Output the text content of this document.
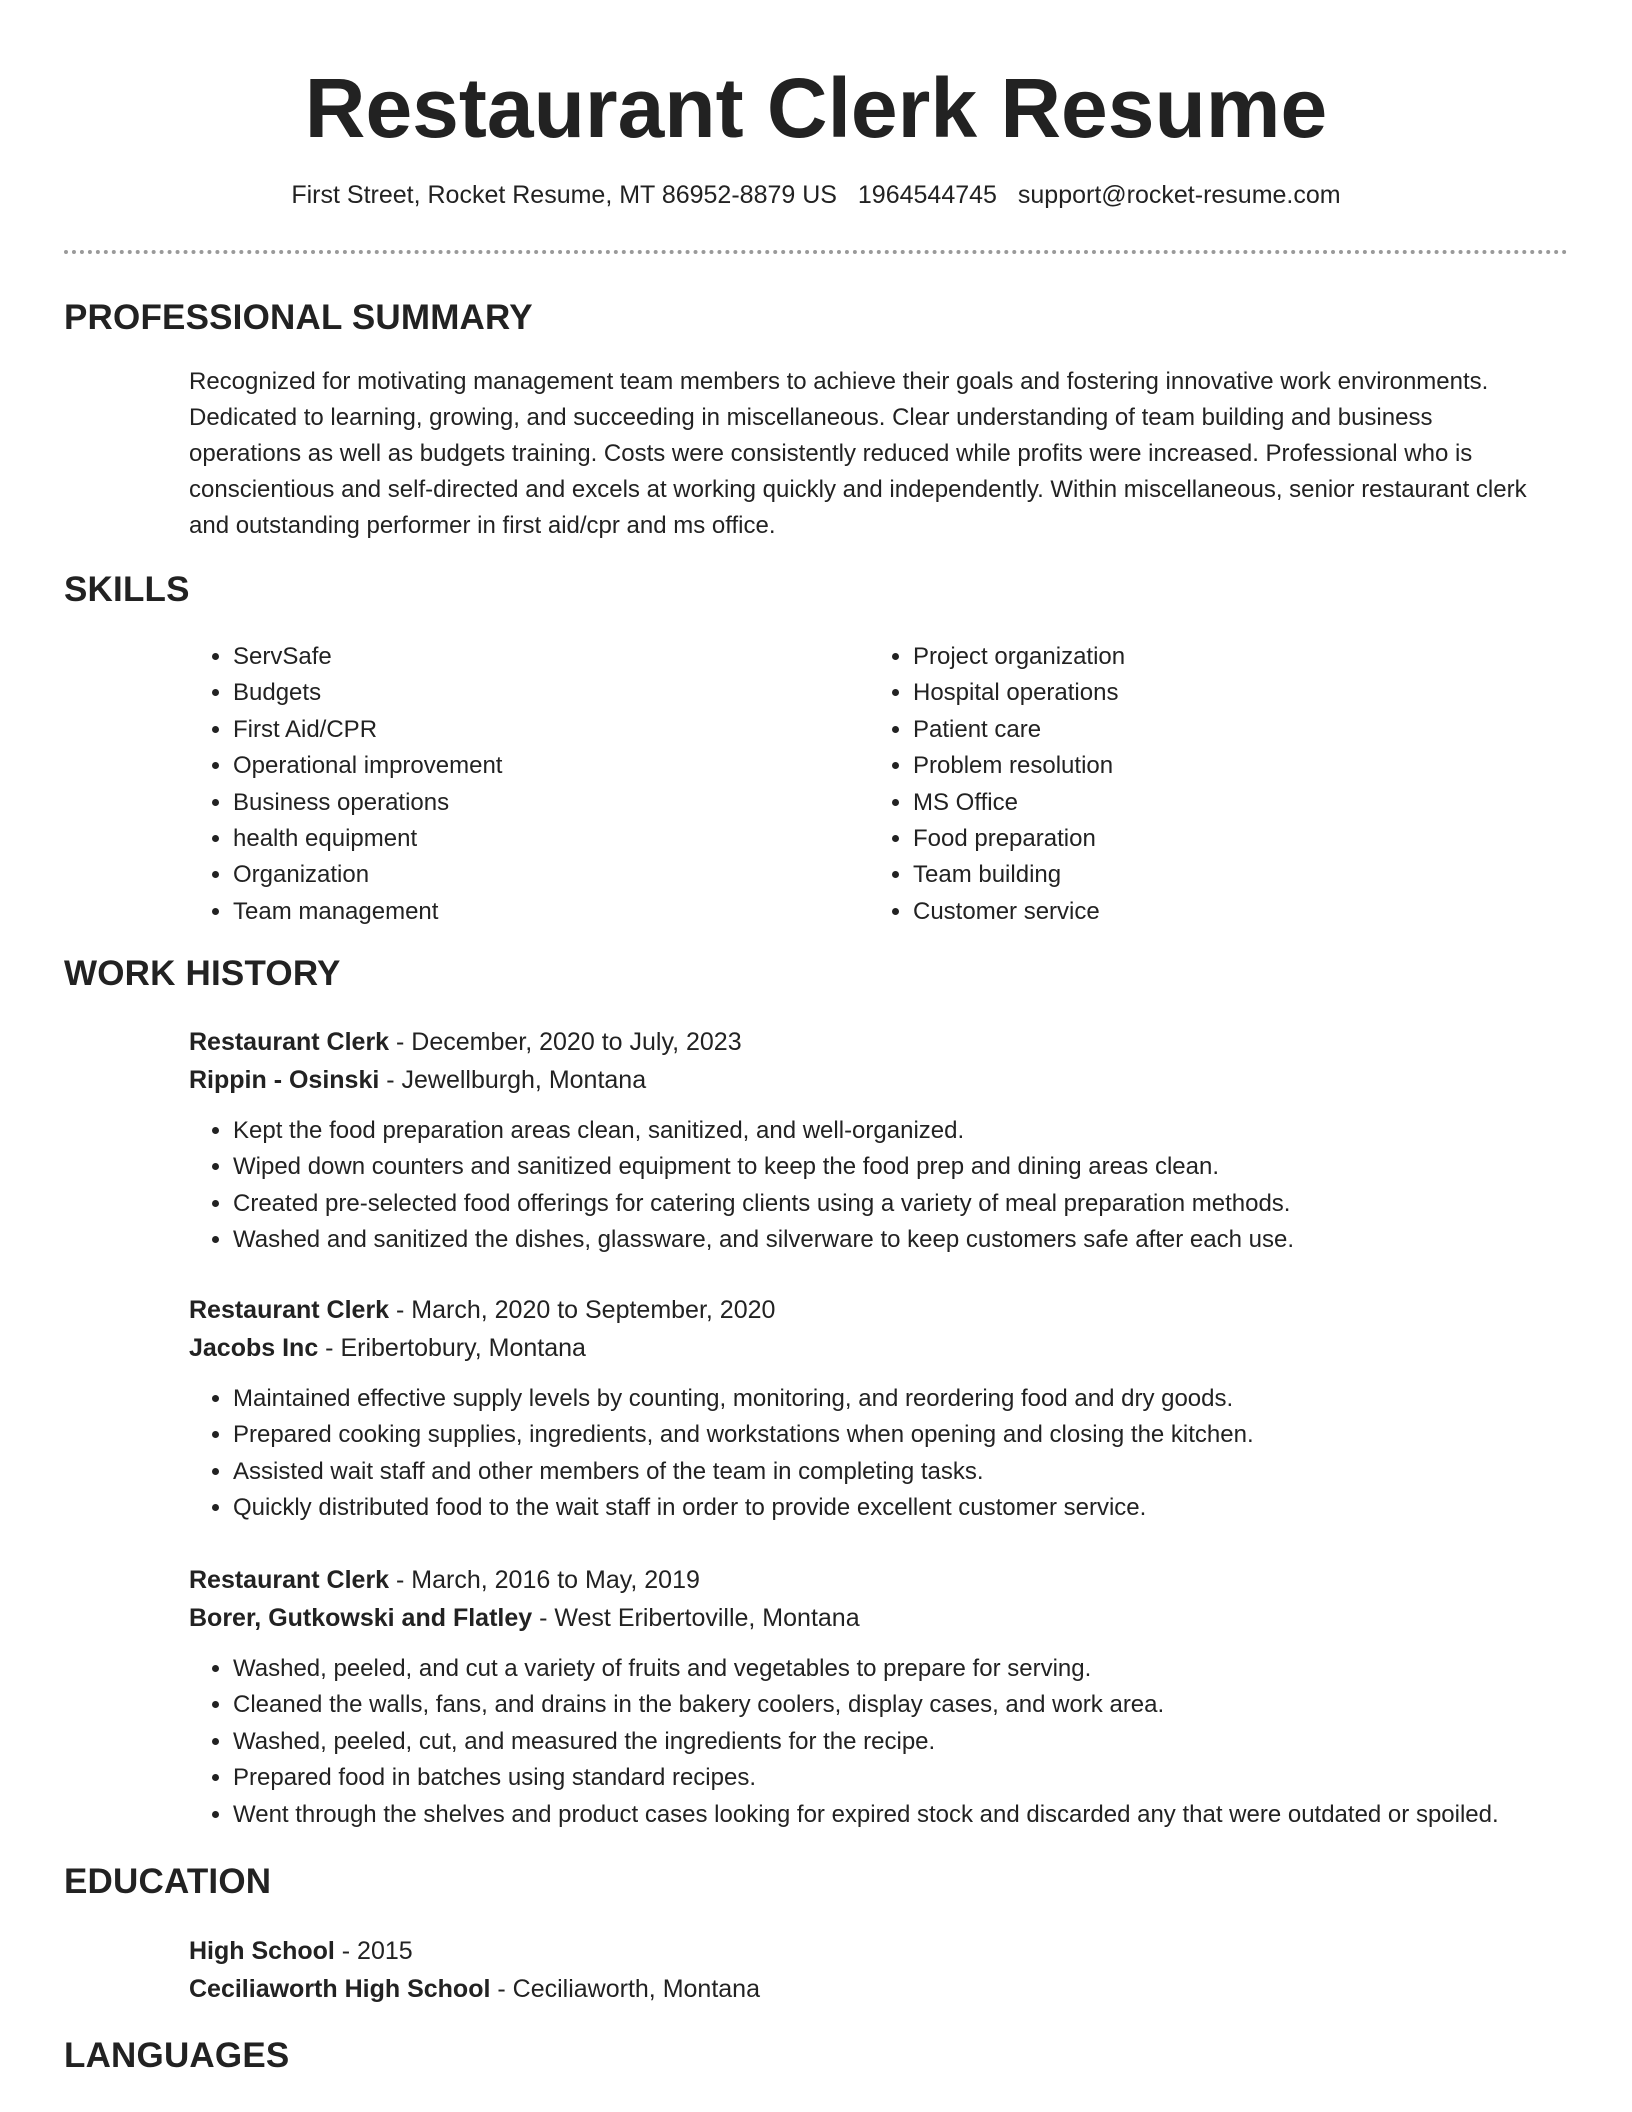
Restaurant Clerk Resume
First Street, Rocket Resume, MT 86952-8879 US 1964544745 support@rocket-resume.com
PROFESSIONAL SUMMARY
Recognized for motivating management team members to achieve their goals and fostering innovative work environments. Dedicated to learning, growing, and succeeding in miscellaneous. Clear understanding of team building and business operations as well as budgets training. Costs were consistently reduced while profits were increased. Professional who is conscientious and self-directed and excels at working quickly and independently. Within miscellaneous, senior restaurant clerk and outstanding performer in first aid/cpr and ms office.
SKILLS
• ServSafe
• Budgets
• First Aid/CPR
• Operational improvement
• Business operations
• health equipment
• Organization
• Team management
• Project organization
• Hospital operations
• Patient care
• Problem resolution
• MS Office
• Food preparation
• Team building
• Customer service
WORK HISTORY
Restaurant Clerk - December, 2020 to July, 2023
Rippin - Osinski - Jewellburgh, Montana
• Kept the food preparation areas clean, sanitized, and well-organized.
• Wiped down counters and sanitized equipment to keep the food prep and dining areas clean.
• Created pre-selected food offerings for catering clients using a variety of meal preparation methods.
• Washed and sanitized the dishes, glassware, and silverware to keep customers safe after each use.
Restaurant Clerk - March, 2020 to September, 2020
Jacobs Inc - Eribertobury, Montana
• Maintained effective supply levels by counting, monitoring, and reordering food and dry goods.
• Prepared cooking supplies, ingredients, and workstations when opening and closing the kitchen.
• Assisted wait staff and other members of the team in completing tasks.
• Quickly distributed food to the wait staff in order to provide excellent customer service.
Restaurant Clerk - March, 2016 to May, 2019
Borer, Gutkowski and Flatley - West Eribertoville, Montana
• Washed, peeled, and cut a variety of fruits and vegetables to prepare for serving.
• Cleaned the walls, fans, and drains in the bakery coolers, display cases, and work area.
• Washed, peeled, cut, and measured the ingredients for the recipe.
• Prepared food in batches using standard recipes.
• Went through the shelves and product cases looking for expired stock and discarded any that were outdated or spoiled.
EDUCATION
High School - 2015
Ceciliaworth High School - Ceciliaworth, Montana
LANGUAGES
